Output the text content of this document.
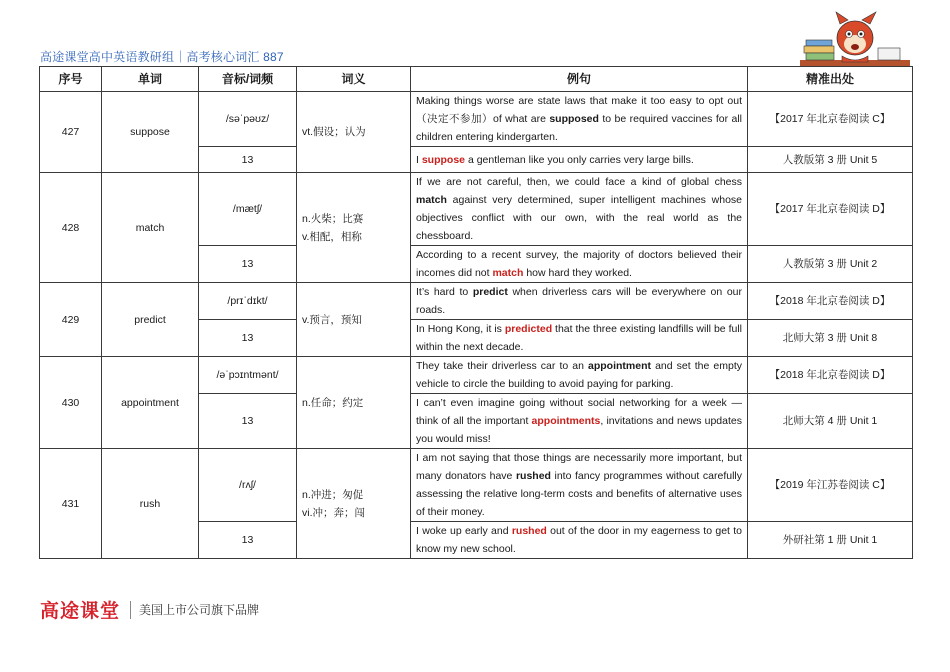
高途课堂高中英语教研组｜高考核心词汇 887
序号	单词	音标/词频	词义	例句	精准出处
427	suppose	/səˈpəʊz/	vt.假设；认为	Making things worse are state laws that make it too easy to opt out（决定不参加）of what are supposed to be required vaccines for all children entering kindergarten.	【2017 年北京卷阅读 C】
		13		I suppose a gentleman like you only carries very large bills.	人教版第 3 册 Unit 5
428	match	/mætʃ/	n.火柴；比赛
v.相配，相称	If we are not careful, then, we could face a kind of global chess match against very determined, super intelligent machines whose objectives conflict with our own, with the real world as the chessboard.	【2017 年北京卷阅读 D】
		13		According to a recent survey, the majority of doctors believed their incomes did not match how hard they worked.	人教版第 3 册 Unit 2
429	predict	/prɪˈdɪkt/	v.预言，预知	It’s hard to predict when driverless cars will be everywhere on our roads.	【2018 年北京卷阅读 D】
		13		In Hong Kong, it is predicted that the three existing landfills will be full within the next decade.	北师大第 3 册 Unit 8
430	appointment	/əˈpɔɪntmənt/	n.任命；约定	They take their driverless car to an appointment and set the empty vehicle to circle the building to avoid paying for parking.	【2018 年北京卷阅读 D】
		13		I can’t even imagine going without social networking for a week — think of all the important appointments, invitations and news updates you would miss!	北师大第 4 册 Unit 1
431	rush	/rʌʃ/	n.冲进；匆促
vi.冲；奔；闯	I am not saying that those things are necessarily more important, but many donators have rushed into fancy programmes without carefully assessing the relative long-term costs and benefits of alternative uses of their money.	【2019 年江苏卷阅读 C】
		13		I woke up early and rushed out of the door in my eagerness to get to know my new school.	外研社第 1 册 Unit 1
高途课堂 美国上市公司旗下品牌
